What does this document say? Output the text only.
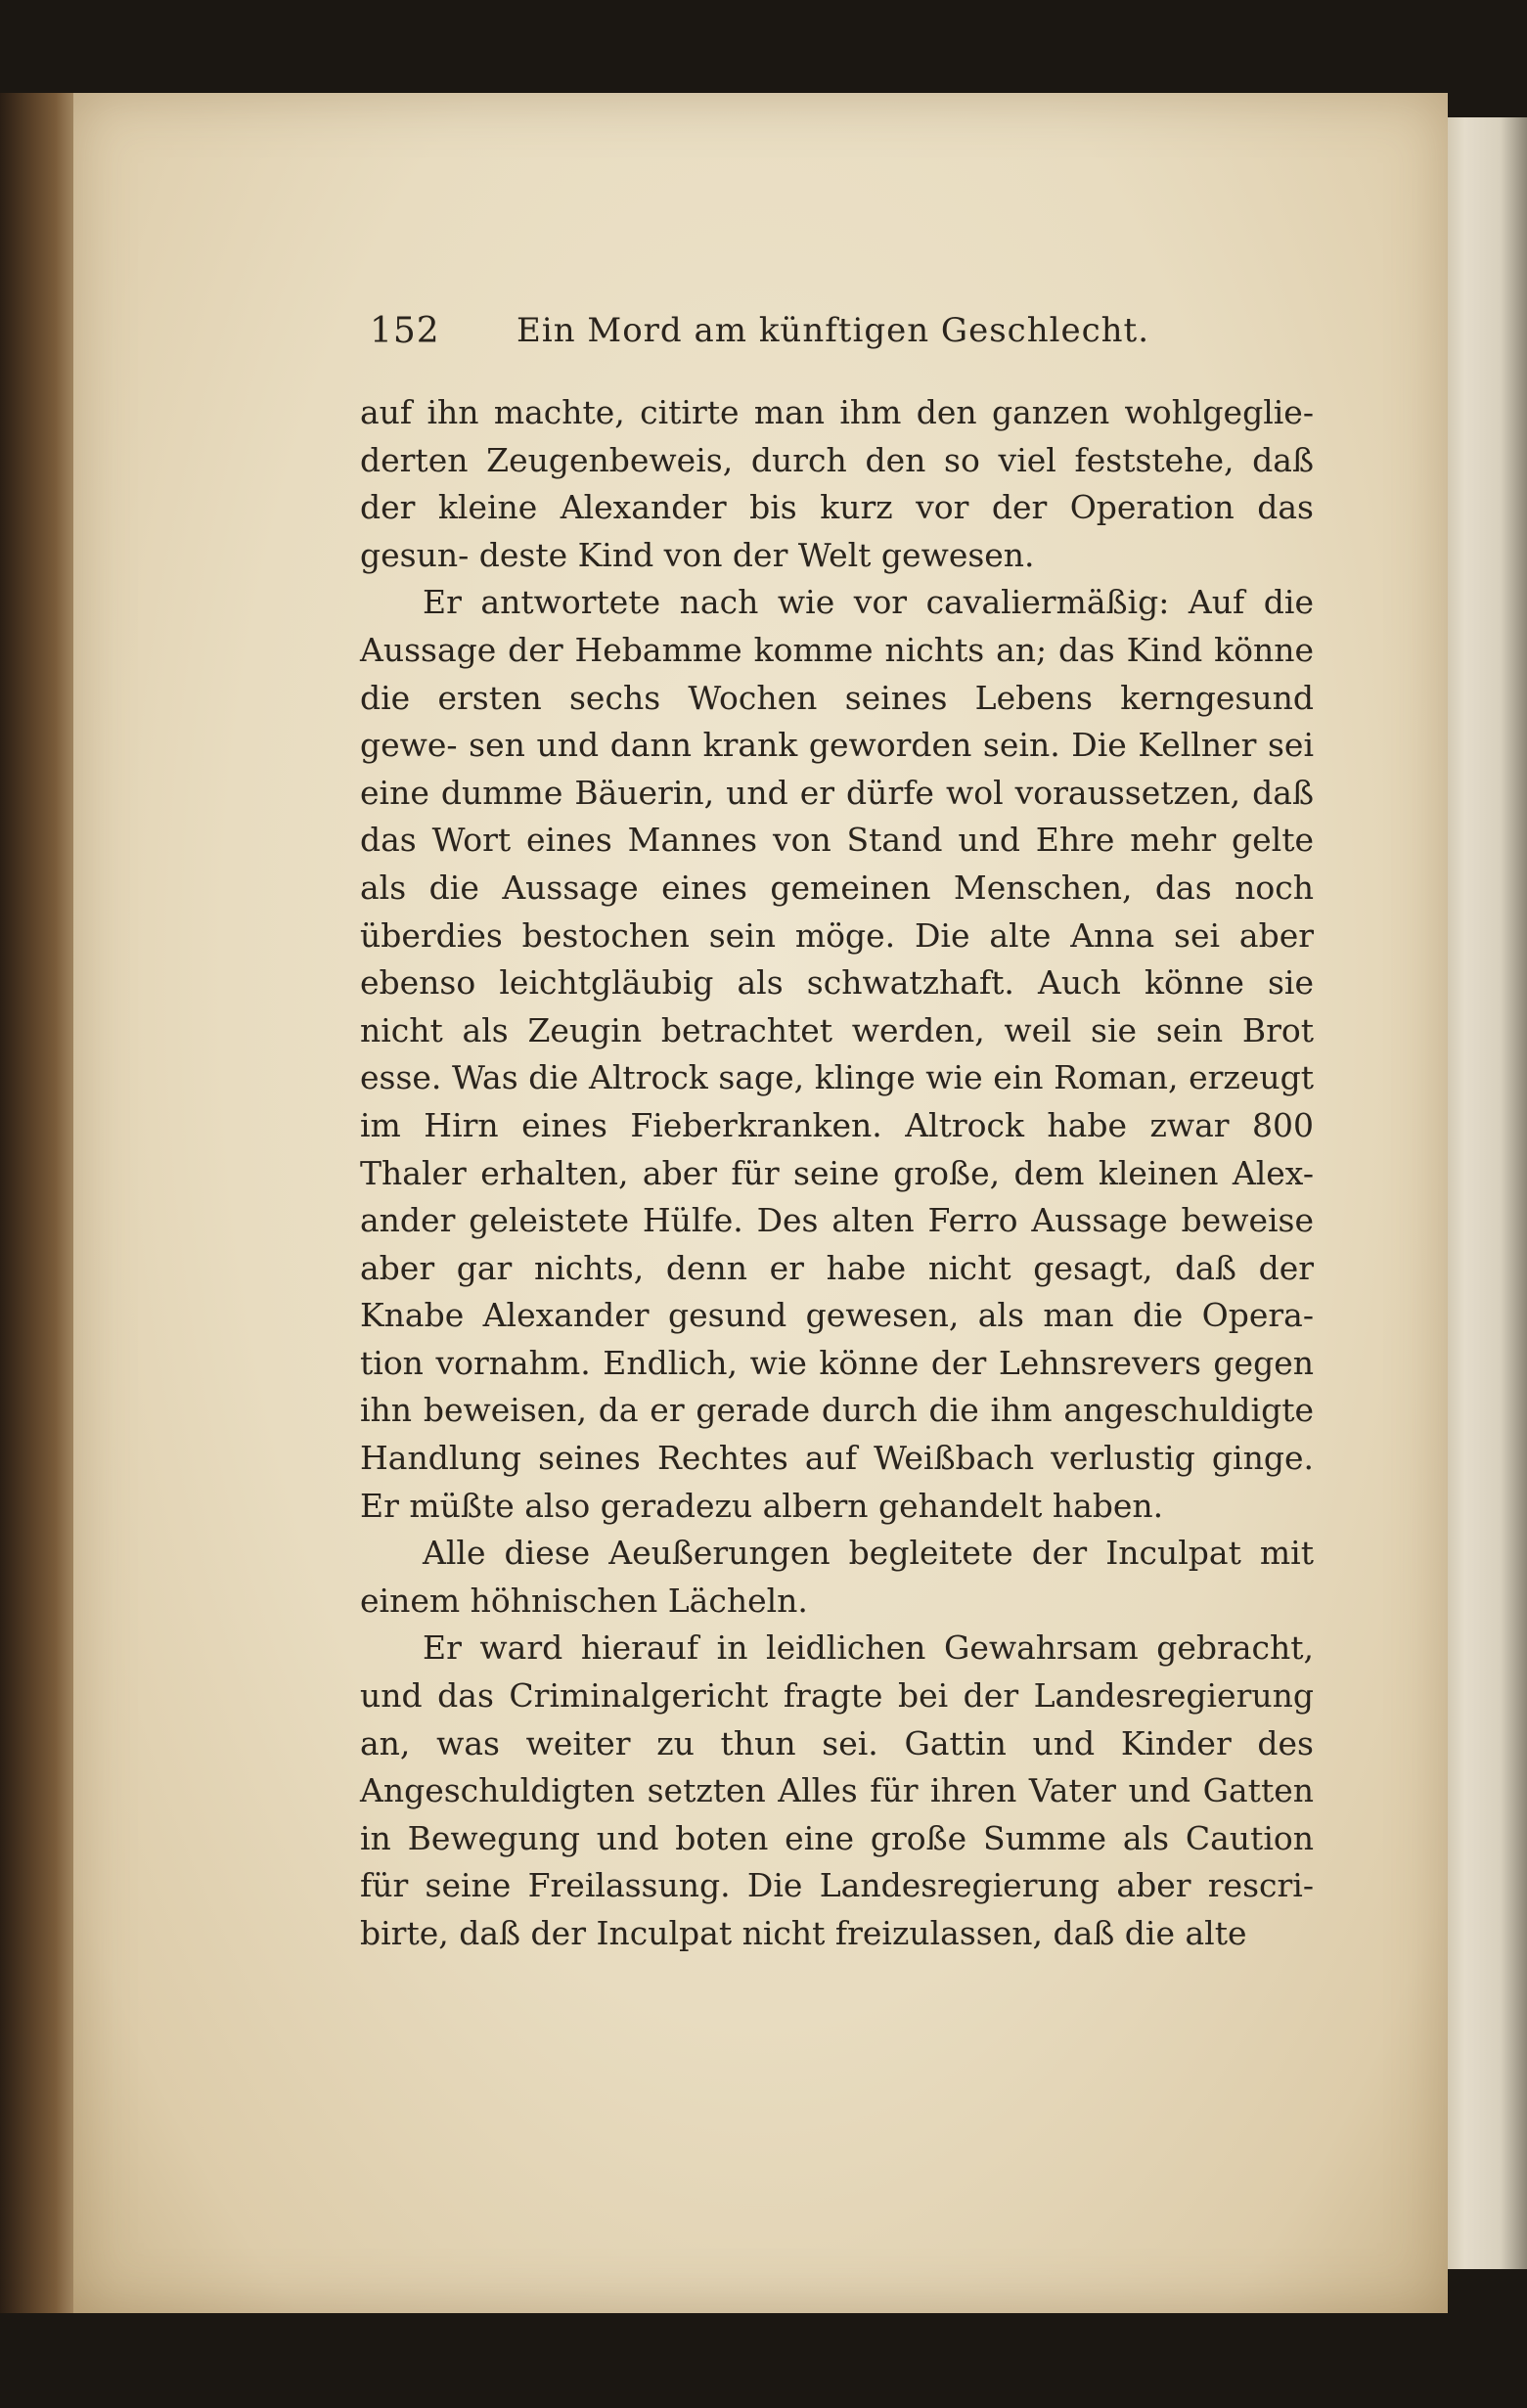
152 Ein Mord am künftigen Geschlecht.

auf ihn machte, citirte man ihm den ganzen wohlgeglie- derten Zeugenbeweis, durch den so viel feststehe, daß der kleine Alexander bis kurz vor der Operation das gesun- deste Kind von der Welt gewesen.

Er antwortete nach wie vor cavaliermäßig: Auf die Aussage der Hebamme komme nichts an; das Kind könne die ersten sechs Wochen seines Lebens kerngesund gewe- sen und dann krank geworden sein. Die Kellner sei eine dumme Bäuerin, und er dürfe wol voraussetzen, daß das Wort eines Mannes von Stand und Ehre mehr gelte als die Aussage eines gemeinen Menschen, das noch überdies bestochen sein möge. Die alte Anna sei aber ebenso leichtgläubig als schwatzhaft. Auch könne sie nicht als Zeugin betrachtet werden, weil sie sein Brot esse. Was die Altrock sage, klinge wie ein Roman, erzeugt im Hirn eines Fieberkranken. Altrock habe zwar 800 Thaler erhalten, aber für seine große, dem kleinen Alex- ander geleistete Hülfe. Des alten Ferro Aussage beweise aber gar nichts, denn er habe nicht gesagt, daß der Knabe Alexander gesund gewesen, als man die Opera- tion vornahm. Endlich, wie könne der Lehnsrevers gegen ihn beweisen, da er gerade durch die ihm angeschuldigte Handlung seines Rechtes auf Weißbach verlustig ginge. Er müßte also geradezu albern gehandelt haben.

Alle diese Aeußerungen begleitete der Inculpat mit einem höhnischen Lächeln.

Er ward hierauf in leidlichen Gewahrsam gebracht, und das Criminalgericht fragte bei der Landesregierung an, was weiter zu thun sei. Gattin und Kinder des Angeschuldigten setzten Alles für ihren Vater und Gatten in Bewegung und boten eine große Summe als Caution für seine Freilassung. Die Landesregierung aber rescri- birte, daß der Inculpat nicht freizulassen, daß die alte
